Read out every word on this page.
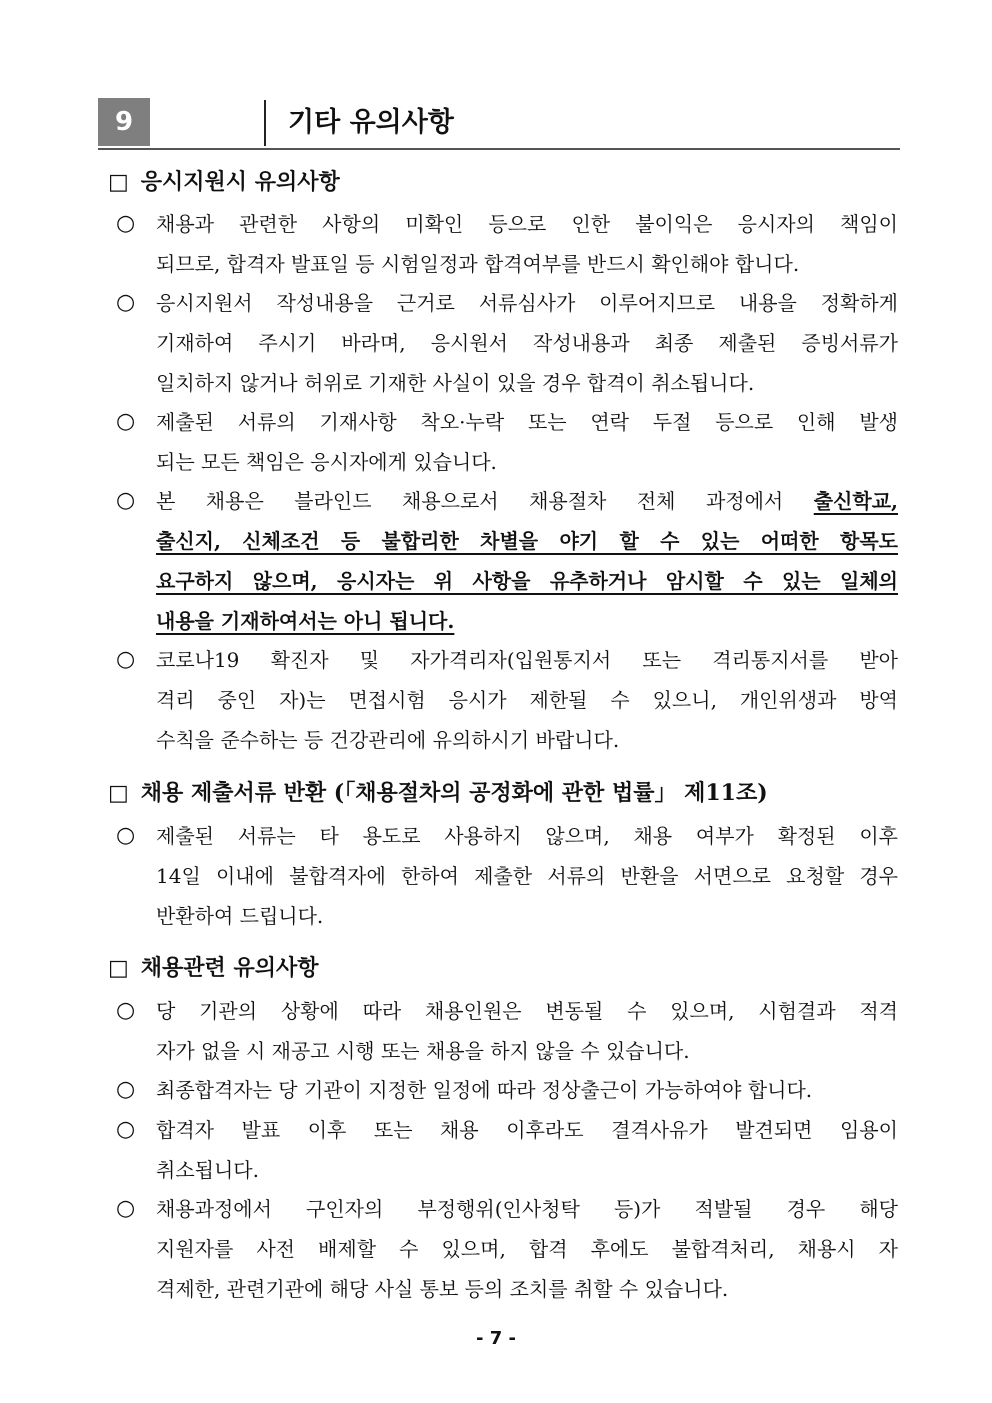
9	기타 유의사항
□ 응시지원시 유의사항
○ 채용과 관련한 사항의 미확인 등으로 인한 불이익은 응시자의 책임이
되므로, 합격자 발표일 등 시험일정과 합격여부를 반드시 확인해야 합니다.
○ 응시지원서 작성내용을 근거로 서류심사가 이루어지므로 내용을 정확하게
기재하여 주시기 바라며, 응시원서 작성내용과 최종 제출된 증빙서류가
일치하지 않거나 허위로 기재한 사실이 있을 경우 합격이 취소됩니다.
○ 제출된 서류의 기재사항 착오·누락 또는 연락 두절 등으로 인해 발생
되는 모든 책임은 응시자에게 있습니다.
○ 본 채용은 블라인드 채용으로서 채용절차 전체 과정에서 출신학교,
출신지, 신체조건 등 불합리한 차별을 야기 할 수 있는 어떠한 항목도
요구하지 않으며, 응시자는 위 사항을 유추하거나 암시할 수 있는 일체의
내용을 기재하여서는 아니 됩니다.
○ 코로나19 확진자 및 자가격리자(입원통지서 또는 격리통지서를 받아
격리 중인 자)는 면접시험 응시가 제한될 수 있으니, 개인위생과 방역
수칙을 준수하는 등 건강관리에 유의하시기 바랍니다.
□ 채용 제출서류 반환 (「채용절차의 공정화에 관한 법률」 제11조)
○ 제출된 서류는 타 용도로 사용하지 않으며, 채용 여부가 확정된 이후
14일 이내에 불합격자에 한하여 제출한 서류의 반환을 서면으로 요청할 경우
반환하여 드립니다.
□ 채용관련 유의사항
○ 당 기관의 상황에 따라 채용인원은 변동될 수 있으며, 시험결과 적격
자가 없을 시 재공고 시행 또는 채용을 하지 않을 수 있습니다.
○ 최종합격자는 당 기관이 지정한 일정에 따라 정상출근이 가능하여야 합니다.
○ 합격자 발표 이후 또는 채용 이후라도 결격사유가 발견되면 임용이
취소됩니다.
○ 채용과정에서 구인자의 부정행위(인사청탁 등)가 적발될 경우 해당
지원자를 사전 배제할 수 있으며, 합격 후에도 불합격처리, 채용시 자
격제한, 관련기관에 해당 사실 통보 등의 조치를 취할 수 있습니다.
- 7 -
